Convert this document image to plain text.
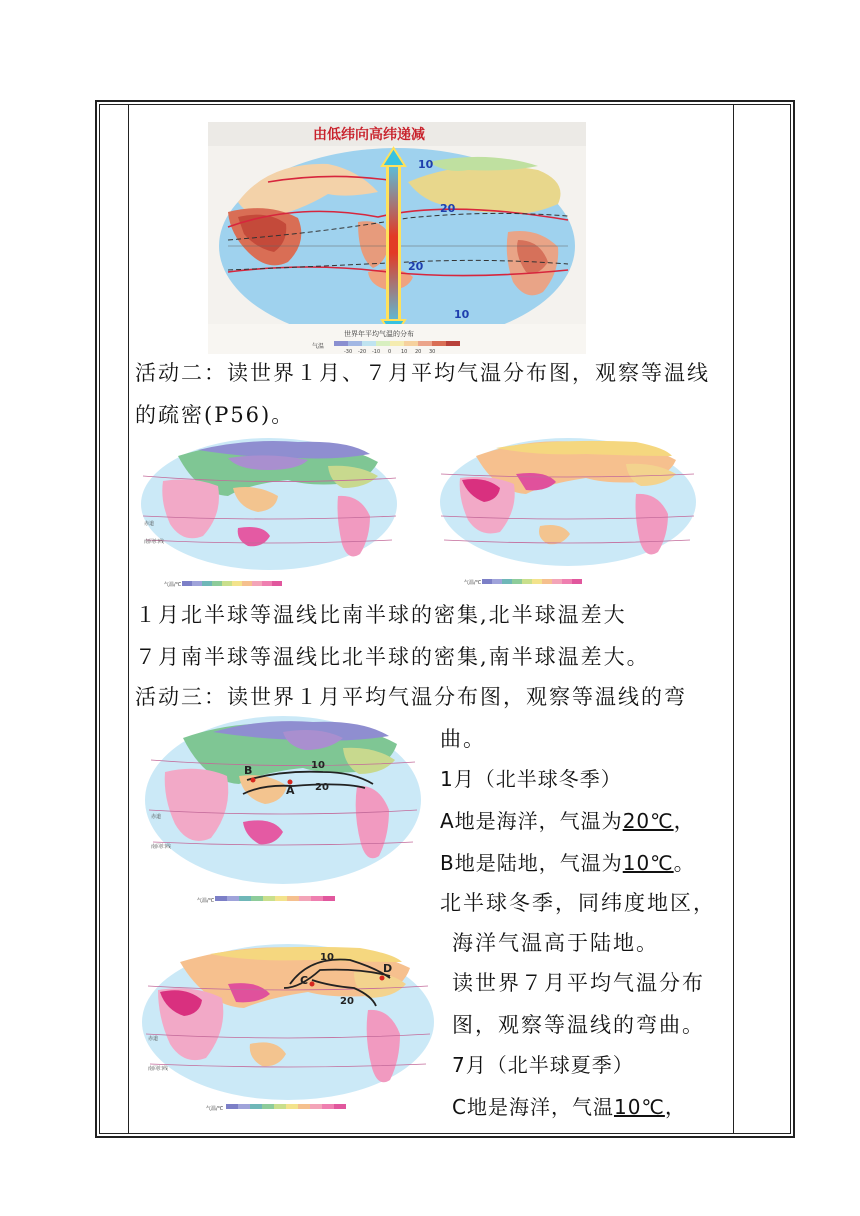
由低纬向高纬递减
10
20
20
10
世界年平均气温的分布
气温
-30 -20 -10 0 10 20 30
活动二：读世界１月、７月平均气温分布图，观察等温线
的疏密(P56)。
赤道
南回归线
气温/℃	气温/℃
１月北半球等温线比南半球的密集,北半球温差大
７月南半球等温线比北半球的密集,南半球温差大。
活动三：读世界１月平均气温分布图，观察等温线的弯
B
A
10
20
赤道
南回归线
气温/℃
C
D
10
20
赤道
南回归线
气温/℃
曲。
1月（北半球冬季）
A地是海洋，气温为20℃，
B地是陆地，气温为10℃。
北半球冬季，同纬度地区，
海洋气温高于陆地。
读世界７月平均气温分布
图，观察等温线的弯曲。
7月（北半球夏季）
C地是海洋，气温10℃，
